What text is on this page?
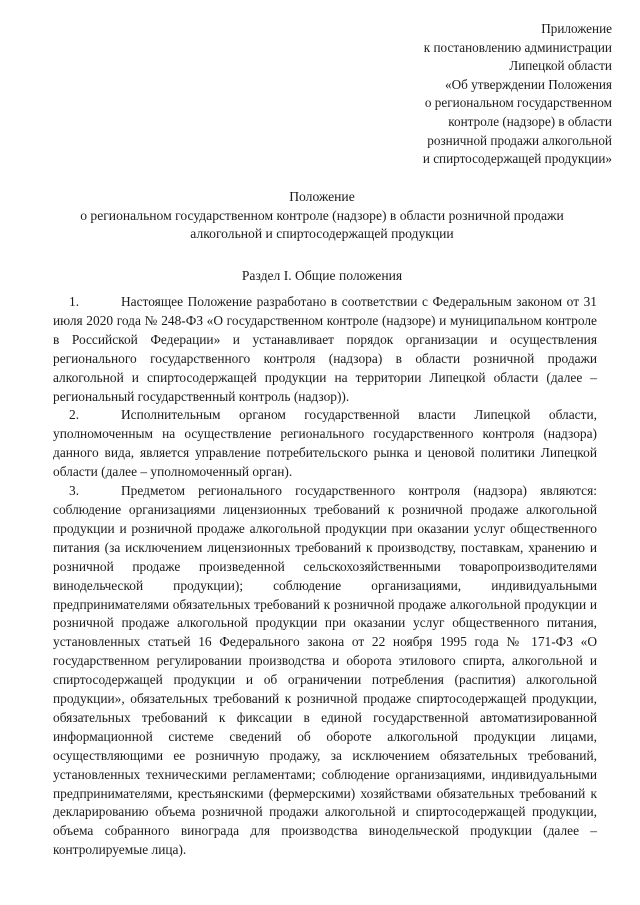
Приложение
к постановлению администрации
Липецкой области
«Об утверждении Положения
о региональном государственном
контроле (надзоре) в области
розничной продажи алкогольной
и спиртосодержащей продукции»
Положение
о региональном государственном контроле (надзоре) в области розничной продажи
алкогольной и спиртосодержащей продукции
Раздел I. Общие положения

1.	Настоящее Положение разработано в соответствии с Федеральным законом от 31 июля 2020 года № 248-ФЗ «О государственном контроле (надзоре) и муниципальном контроле в Российской Федерации» и устанавливает порядок организации и осуществления регионального государственного контроля (надзора) в области розничной продажи алкогольной и спиртосодержащей продукции на территории Липецкой области (далее – региональный государственный контроль (надзор)).

2.	Исполнительным органом государственной власти Липецкой области, уполномоченным на осуществление регионального государственного контроля (надзора) данного вида, является управление потребительского рынка и ценовой политики Липецкой области (далее – уполномоченный орган).

3.	Предметом регионального государственного контроля (надзора) являются: соблюдение организациями лицензионных требований к розничной продаже алкогольной продукции и розничной продаже алкогольной продукции при оказании услуг общественного питания (за исключением лицензионных требований к производству, поставкам, хранению и розничной продаже произведенной сельскохозяйственными товаропроизводителями винодельческой продукции); соблюдение организациями, индивидуальными предпринимателями обязательных требований к розничной продаже алкогольной продукции и розничной продаже алкогольной продукции при оказании услуг общественного питания, установленных статьей 16 Федерального закона от 22 ноября 1995 года № 171-ФЗ «О государственном регулировании производства и оборота этилового спирта, алкогольной и спиртосодержащей продукции и об ограничении потребления (распития) алкогольной продукции», обязательных требований к розничной продаже спиртосодержащей продукции, обязательных требований к фиксации в единой государственной автоматизированной информационной системе сведений об обороте алкогольной продукции лицами, осуществляющими ее розничную продажу, за исключением обязательных требований, установленных техническими регламентами; соблюдение организациями, индивидуальными предпринимателями, крестьянскими (фермерскими) хозяйствами обязательных требований к декларированию объема розничной продажи алкогольной и спиртосодержащей продукции, объема собранного винограда для производства винодельческой продукции (далее – контролируемые лица).
